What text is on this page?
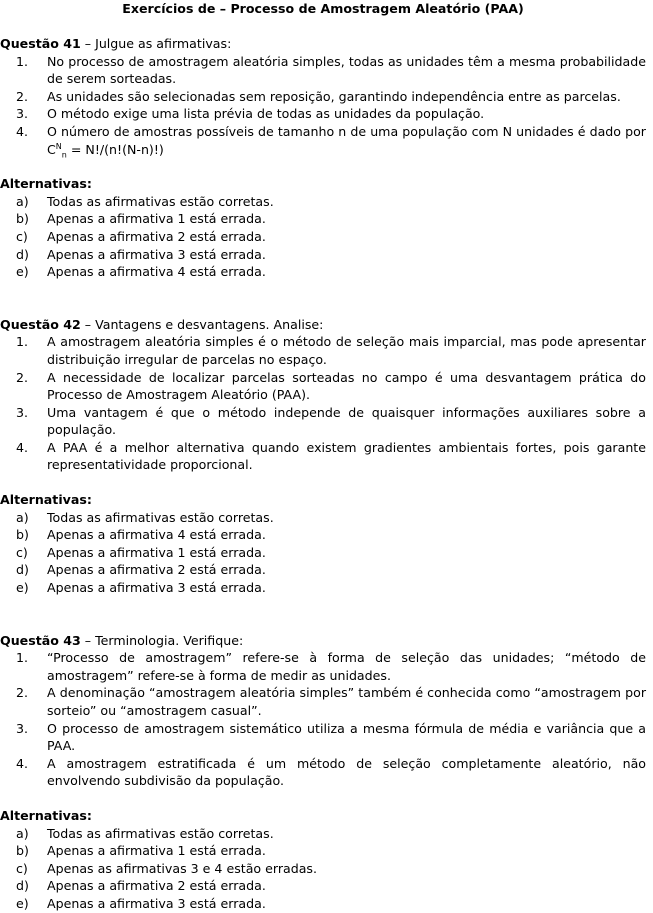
Exercícios de – Processo de Amostragem Aleatório (PAA)
Questão 41 – Julgue as afirmativas:
1.	No processo de amostragem aleatória simples, todas as unidades têm a mesma probabilidade de serem sorteadas.
2.	As unidades são selecionadas sem reposição, garantindo independência entre as parcelas.
3.	O método exige uma lista prévia de todas as unidades da população.
4.	O número de amostras possíveis de tamanho n de uma população com N unidades é dado por $C^N_n = N!/(n!(N-n)!)$
Alternativas:
a)	Todas as afirmativas estão corretas.
b)	Apenas a afirmativa 1 está errada.
c)	Apenas a afirmativa 2 está errada.
d)	Apenas a afirmativa 3 está errada.
e)	Apenas a afirmativa 4 está errada.
Questão 42 – Vantagens e desvantagens. Analise:
1.	A amostragem aleatória simples é o método de seleção mais imparcial, mas pode apresentar distribuição irregular de parcelas no espaço.
2.	A necessidade de localizar parcelas sorteadas no campo é uma desvantagem prática do Processo de Amostragem Aleatório (PAA).
3.	Uma vantagem é que o método independe de quaisquer informações auxiliares sobre a população.
4.	A PAA é a melhor alternativa quando existem gradientes ambientais fortes, pois garante representatividade proporcional.
Alternativas:
a)	Todas as afirmativas estão corretas.
b)	Apenas a afirmativa 4 está errada.
c)	Apenas a afirmativa 1 está errada.
d)	Apenas a afirmativa 2 está errada.
e)	Apenas a afirmativa 3 está errada.
Questão 43 – Terminologia. Verifique:
1.	“Processo de amostragem” refere-se à forma de seleção das unidades; “método de amostragem” refere-se à forma de medir as unidades.
2.	A denominação “amostragem aleatória simples” também é conhecida como “amostragem por sorteio” ou “amostragem casual”.
3.	O processo de amostragem sistemático utiliza a mesma fórmula de média e variância que a PAA.
4.	A amostragem estratificada é um método de seleção completamente aleatório, não envolvendo subdivisão da população.
Alternativas:
a)	Todas as afirmativas estão corretas.
b)	Apenas a afirmativa 1 está errada.
c)	Apenas as afirmativas 3 e 4 estão erradas.
d)	Apenas a afirmativa 2 está errada.
e)	Apenas a afirmativa 3 está errada.
